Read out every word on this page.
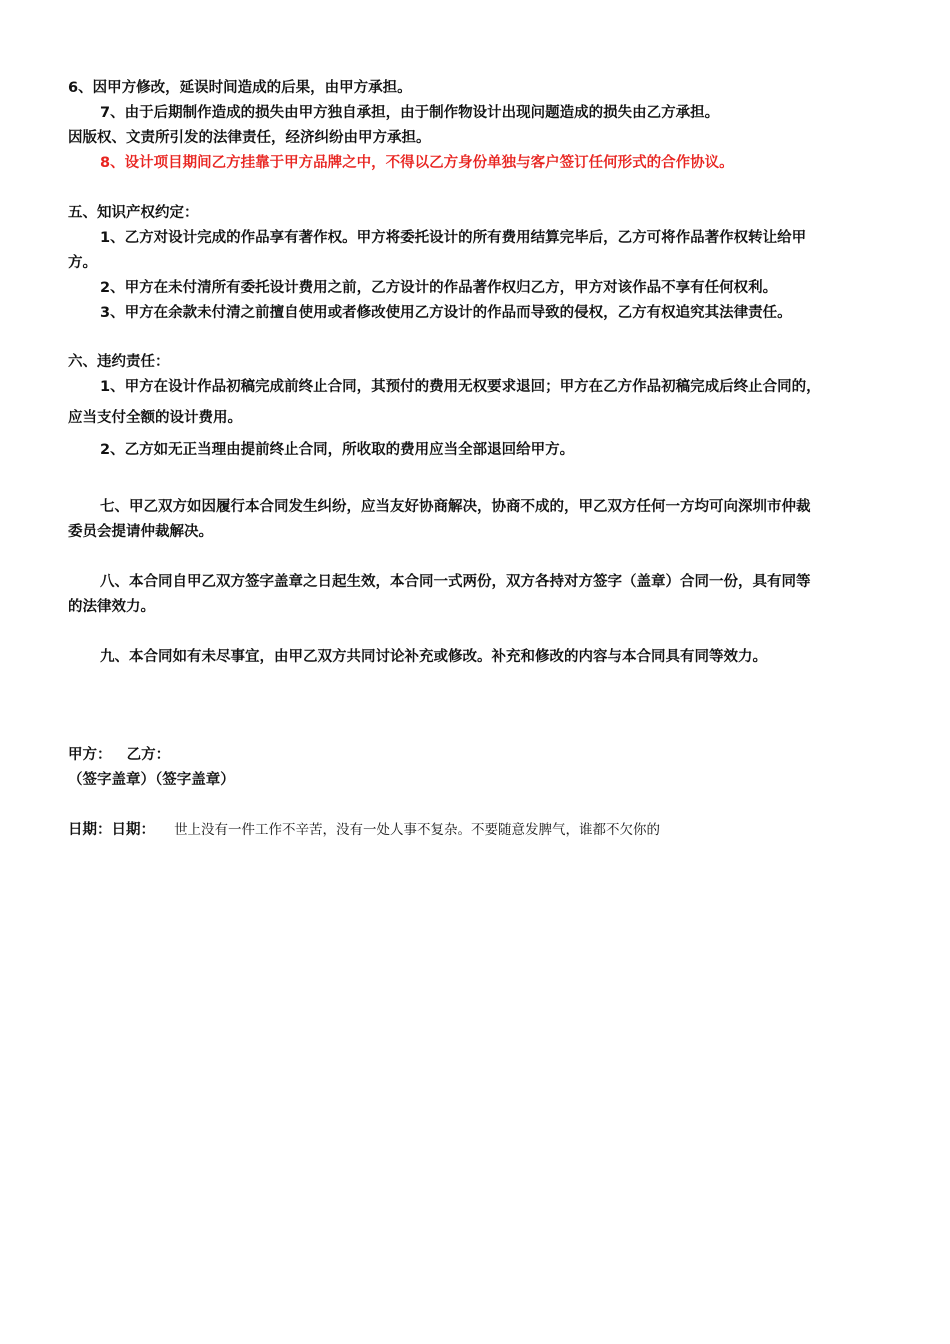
6、因甲方修改，延误时间造成的后果，由甲方承担。
7、由于后期制作造成的损失由甲方独自承担，由于制作物设计出现问题造成的损失由乙方承担。
因版权、文责所引发的法律责任，经济纠纷由甲方承担。
8、设计项目期间乙方挂靠于甲方品牌之中，不得以乙方身份单独与客户签订任何形式的合作协议。
五、知识产权约定：
1、乙方对设计完成的作品享有著作权。甲方将委托设计的所有费用结算完毕后，乙方可将作品著作权转让给甲
方。
2、甲方在未付清所有委托设计费用之前，乙方设计的作品著作权归乙方，甲方对该作品不享有任何权利。
3、甲方在余款未付清之前擅自使用或者修改使用乙方设计的作品而导致的侵权，乙方有权追究其法律责任。
六、违约责任：
1、甲方在设计作品初稿完成前终止合同，其预付的费用无权要求退回；甲方在乙方作品初稿完成后终止合同的，
应当支付全额的设计费用。
2、乙方如无正当理由提前终止合同，所收取的费用应当全部退回给甲方。
七、甲乙双方如因履行本合同发生纠纷，应当友好协商解决，协商不成的，甲乙双方任何一方均可向深圳市仲裁
委员会提请仲裁解决。
八、本合同自甲乙双方签字盖章之日起生效，本合同一式两份，双方各持对方签字（盖章）合同一份，具有同等
的法律效力。
九、本合同如有未尽事宜，由甲乙双方共同讨论补充或修改。补充和修改的内容与本合同具有同等效力。
甲方：   乙方：
（签字盖章）（签字盖章）
日期：日期： 世上没有一件工作不辛苦，没有一处人事不复杂。不要随意发脾气，谁都不欠你的
